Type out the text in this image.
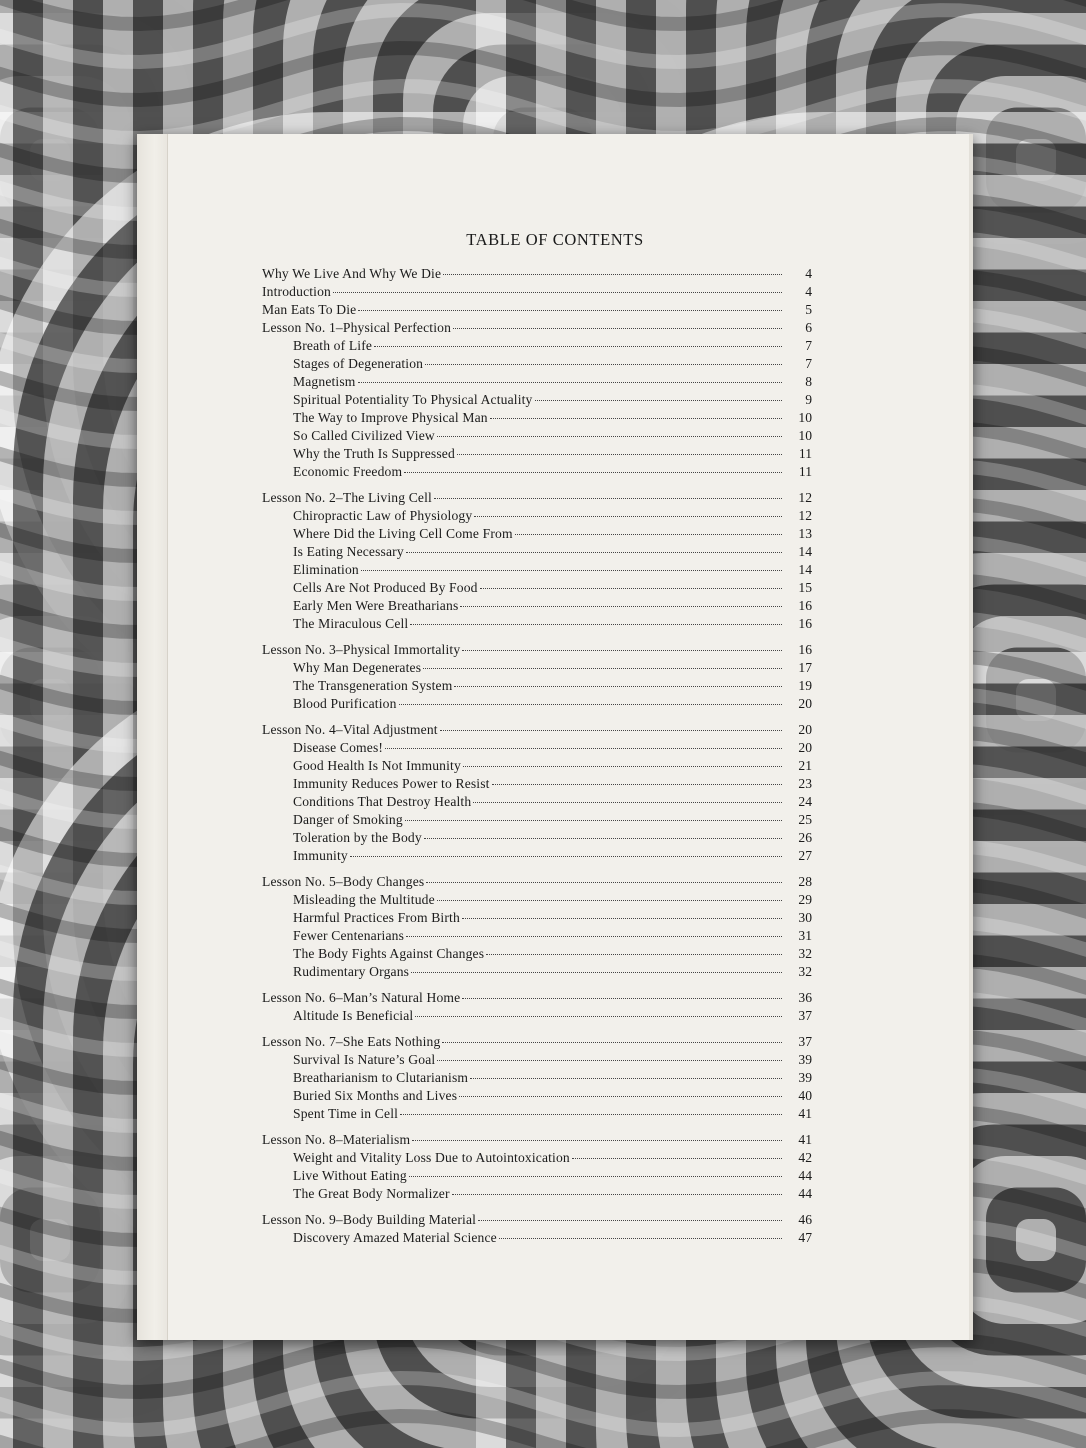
TABLE OF CONTENTS
Why We Live And Why We Die	4
Introduction	4
Man Eats To Die	5
Lesson No. 1–Physical Perfection	6
Breath of Life	7
Stages of Degeneration	7
Magnetism	8
Spiritual Potentiality To Physical Actuality	9
The Way to Improve Physical Man	10
So Called Civilized View	10
Why the Truth Is Suppressed	11
Economic Freedom	11
Lesson No. 2–The Living Cell	12
Chiropractic Law of Physiology	12
Where Did the Living Cell Come From	13
Is Eating Necessary	14
Elimination	14
Cells Are Not Produced By Food	15
Early Men Were Breatharians	16
The Miraculous Cell	16
Lesson No. 3–Physical Immortality	16
Why Man Degenerates	17
The Transgeneration System	19
Blood Purification	20
Lesson No. 4–Vital Adjustment	20
Disease Comes!	20
Good Health Is Not Immunity	21
Immunity Reduces Power to Resist	23
Conditions That Destroy Health	24
Danger of Smoking	25
Toleration by the Body	26
Immunity	27
Lesson No. 5–Body Changes	28
Misleading the Multitude	29
Harmful Practices From Birth	30
Fewer Centenarians	31
The Body Fights Against Changes	32
Rudimentary Organs	32
Lesson No. 6–Man’s Natural Home	36
Altitude Is Beneficial	37
Lesson No. 7–She Eats Nothing	37
Survival Is Nature’s Goal	39
Breatharianism to Clutarianism	39
Buried Six Months and Lives	40
Spent Time in Cell	41
Lesson No. 8–Materialism	41
Weight and Vitality Loss Due to Autointoxication	42
Live Without Eating	44
The Great Body Normalizer	44
Lesson No. 9–Body Building Material	46
Discovery Amazed Material Science	47
